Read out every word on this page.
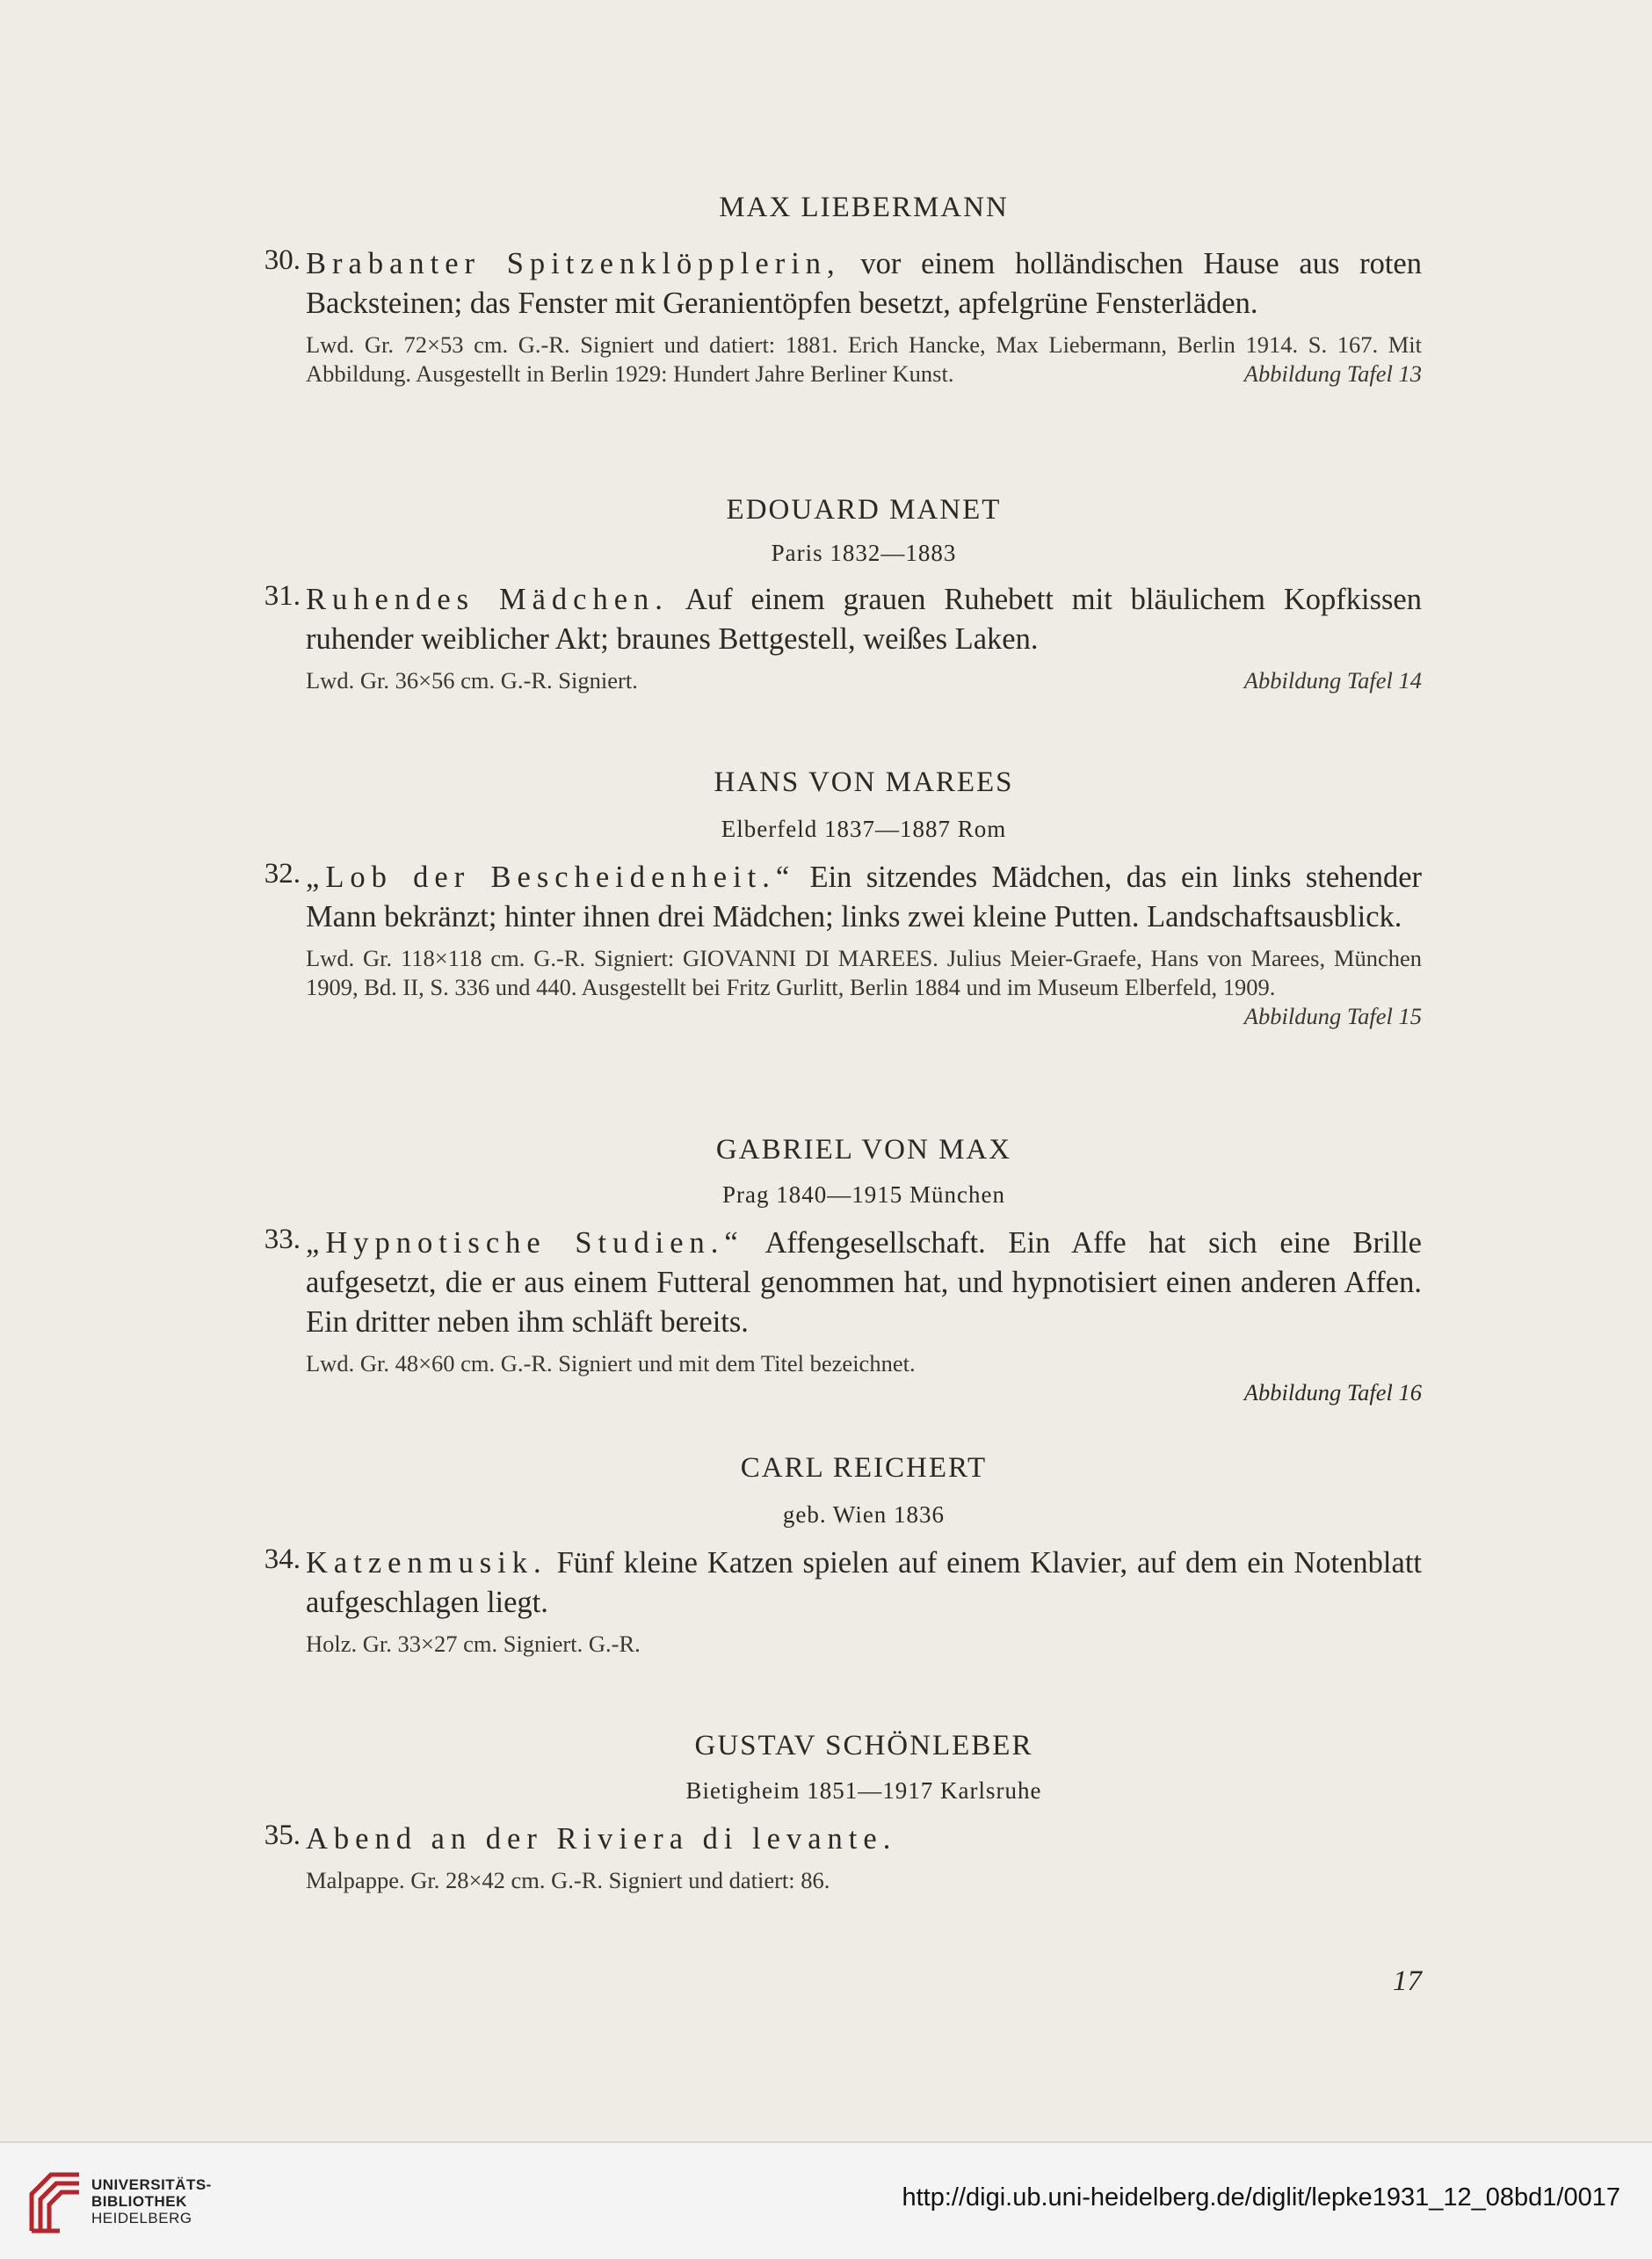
MAX LIEBERMANN
30. Brabanter Spitzenklöpplerin, vor einem holländischen Hause aus roten Backsteinen; das Fenster mit Geranientöpfen besetzt, apfelgrüne Fensterläden.

Lwd. Gr. 72×53 cm. G.-R. Signiert und datiert: 1881. Erich Hancke, Max Liebermann, Berlin 1914. S. 167. Mit Abbildung. Ausgestellt in Berlin 1929: Hundert Jahre Berliner Kunst.	Abbildung Tafel 13

EDOUARD MANET

Paris 1832—1883

31. Ruhendes Mädchen. Auf einem grauen Ruhebett mit bläulichem Kopfkissen ruhender weiblicher Akt; braunes Bettgestell, weißes Laken.

Lwd. Gr. 36×56 cm. G.-R. Signiert.	Abbildung Tafel 14

HANS VON MAREES

Elberfeld 1837—1887 Rom

32. „Lob der Bescheidenheit.“ Ein sitzendes Mädchen, das ein links stehender Mann bekränzt; hinter ihnen drei Mädchen; links zwei kleine Putten. Landschaftsausblick.

Lwd. Gr. 118×118 cm. G.-R. Signiert: GIOVANNI DI MAREES. Julius Meier-Graefe, Hans von Marees, München 1909, Bd. II, S. 336 und 440. Ausgestellt bei Fritz Gurlitt, Berlin 1884 und im Museum Elberfeld, 1909.
Abbildung Tafel 15

GABRIEL VON MAX

Prag 1840—1915 München

33. „Hypnotische Studien.“ Affengesellschaft. Ein Affe hat sich eine Brille aufgesetzt, die er aus einem Futteral genommen hat, und hypnotisiert einen anderen Affen. Ein dritter neben ihm schläft bereits.

Lwd. Gr. 48×60 cm. G.-R. Signiert und mit dem Titel bezeichnet.

Abbildung Tafel 16

CARL REICHERT

geb. Wien 1836

34. Katzenmusik. Fünf kleine Katzen spielen auf einem Klavier, auf dem ein Notenblatt aufgeschlagen liegt.

Holz. Gr. 33×27 cm. Signiert. G.-R.

GUSTAV SCHÖNLEBER

Bietigheim 1851—1917 Karlsruhe

35. Abend an der Riviera di levante.

Malpappe. Gr. 28×42 cm. G.-R. Signiert und datiert: 86.

17
UNIVERSITÄTS-
BIBLIOTHEK
HEIDELBERG
http://digi.ub.uni-heidelberg.de/diglit/lepke1931_12_08bd1/0017
